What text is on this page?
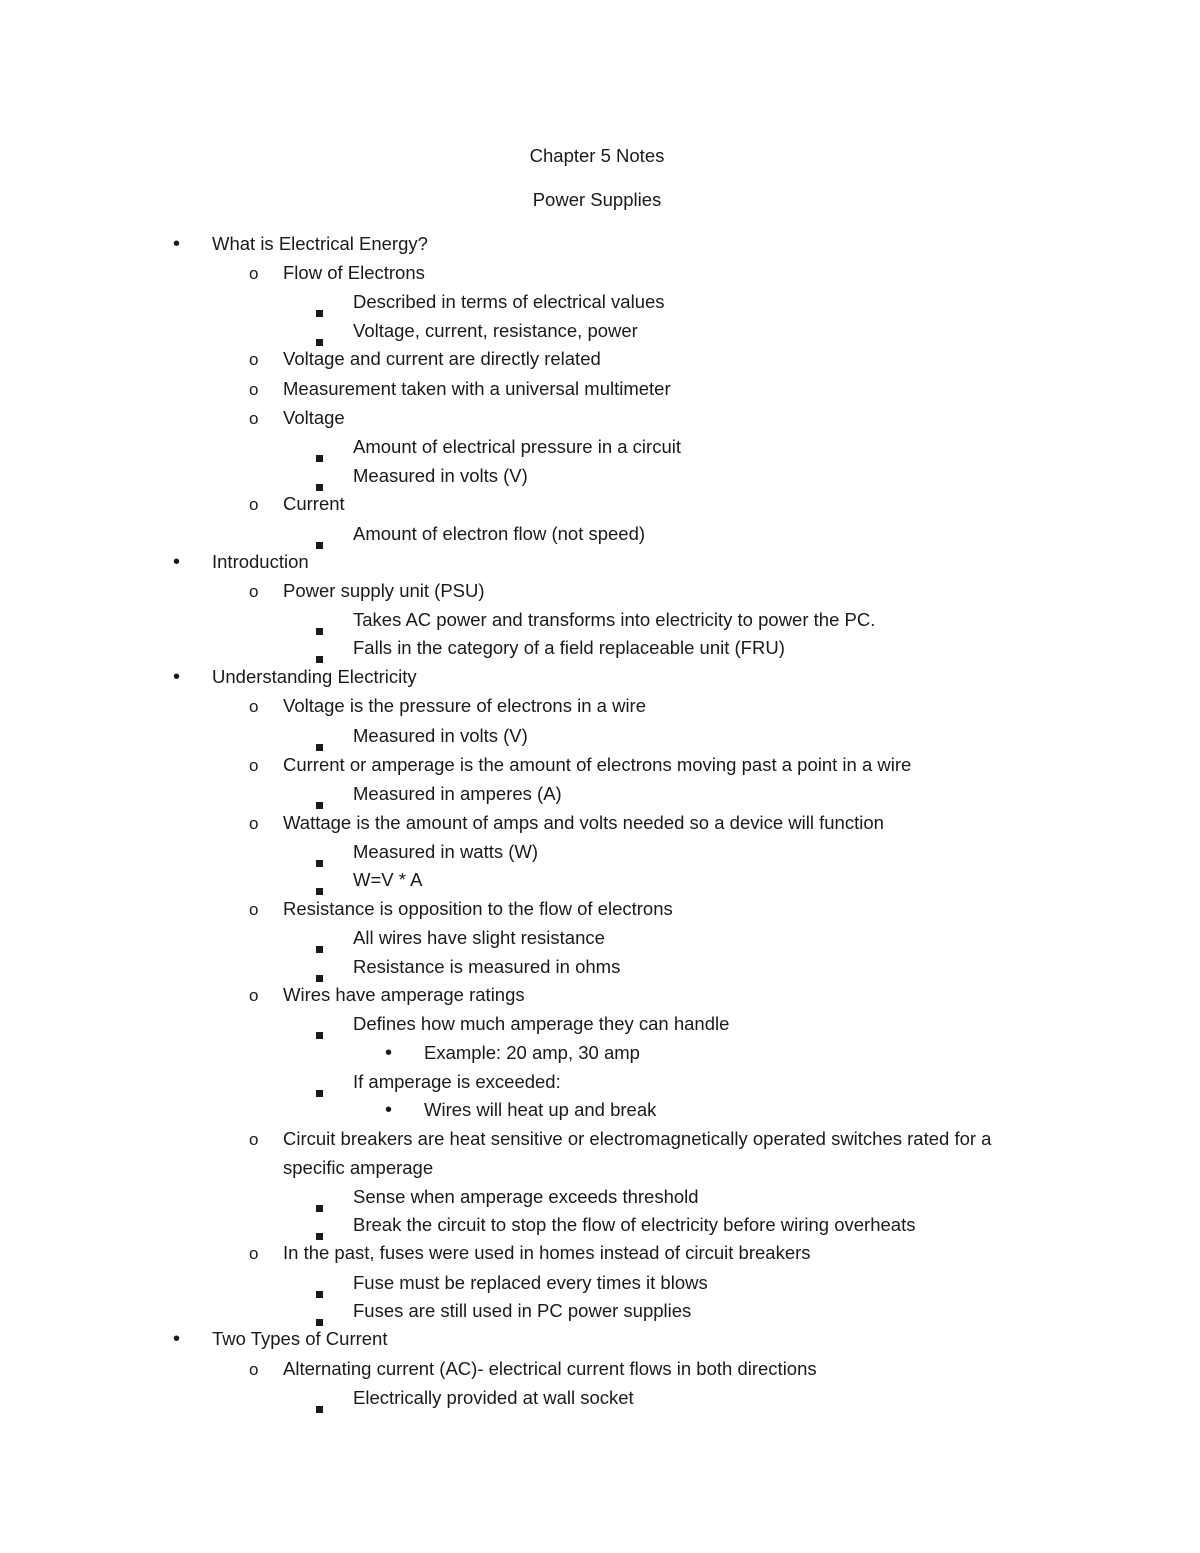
Chapter 5 Notes
Power Supplies
• What is Electrical Energy?
o Flow of Electrons
Described in terms of electrical values
Voltage, current, resistance, power
o Voltage and current are directly related
o Measurement taken with a universal multimeter
o Voltage
Amount of electrical pressure in a circuit
Measured in volts (V)
o Current
Amount of electron flow (not speed)
• Introduction
o Power supply unit (PSU)
Takes AC power and transforms into electricity to power the PC.
Falls in the category of a field replaceable unit (FRU)
• Understanding Electricity
o Voltage is the pressure of electrons in a wire
Measured in volts (V)
o Current or amperage is the amount of electrons moving past a point in a wire
Measured in amperes (A)
o Wattage is the amount of amps and volts needed so a device will function
Measured in watts (W)
W=V * A
o Resistance is opposition to the flow of electrons
All wires have slight resistance
Resistance is measured in ohms
o Wires have amperage ratings
Defines how much amperage they can handle
• Example: 20 amp, 30 amp
If amperage is exceeded:
• Wires will heat up and break
o Circuit breakers are heat sensitive or electromagnetically operated switches rated for a
specific amperage
Sense when amperage exceeds threshold
Break the circuit to stop the flow of electricity before wiring overheats
o In the past, fuses were used in homes instead of circuit breakers
Fuse must be replaced every times it blows
Fuses are still used in PC power supplies
• Two Types of Current
o Alternating current (AC)- electrical current flows in both directions
Electrically provided at wall socket
